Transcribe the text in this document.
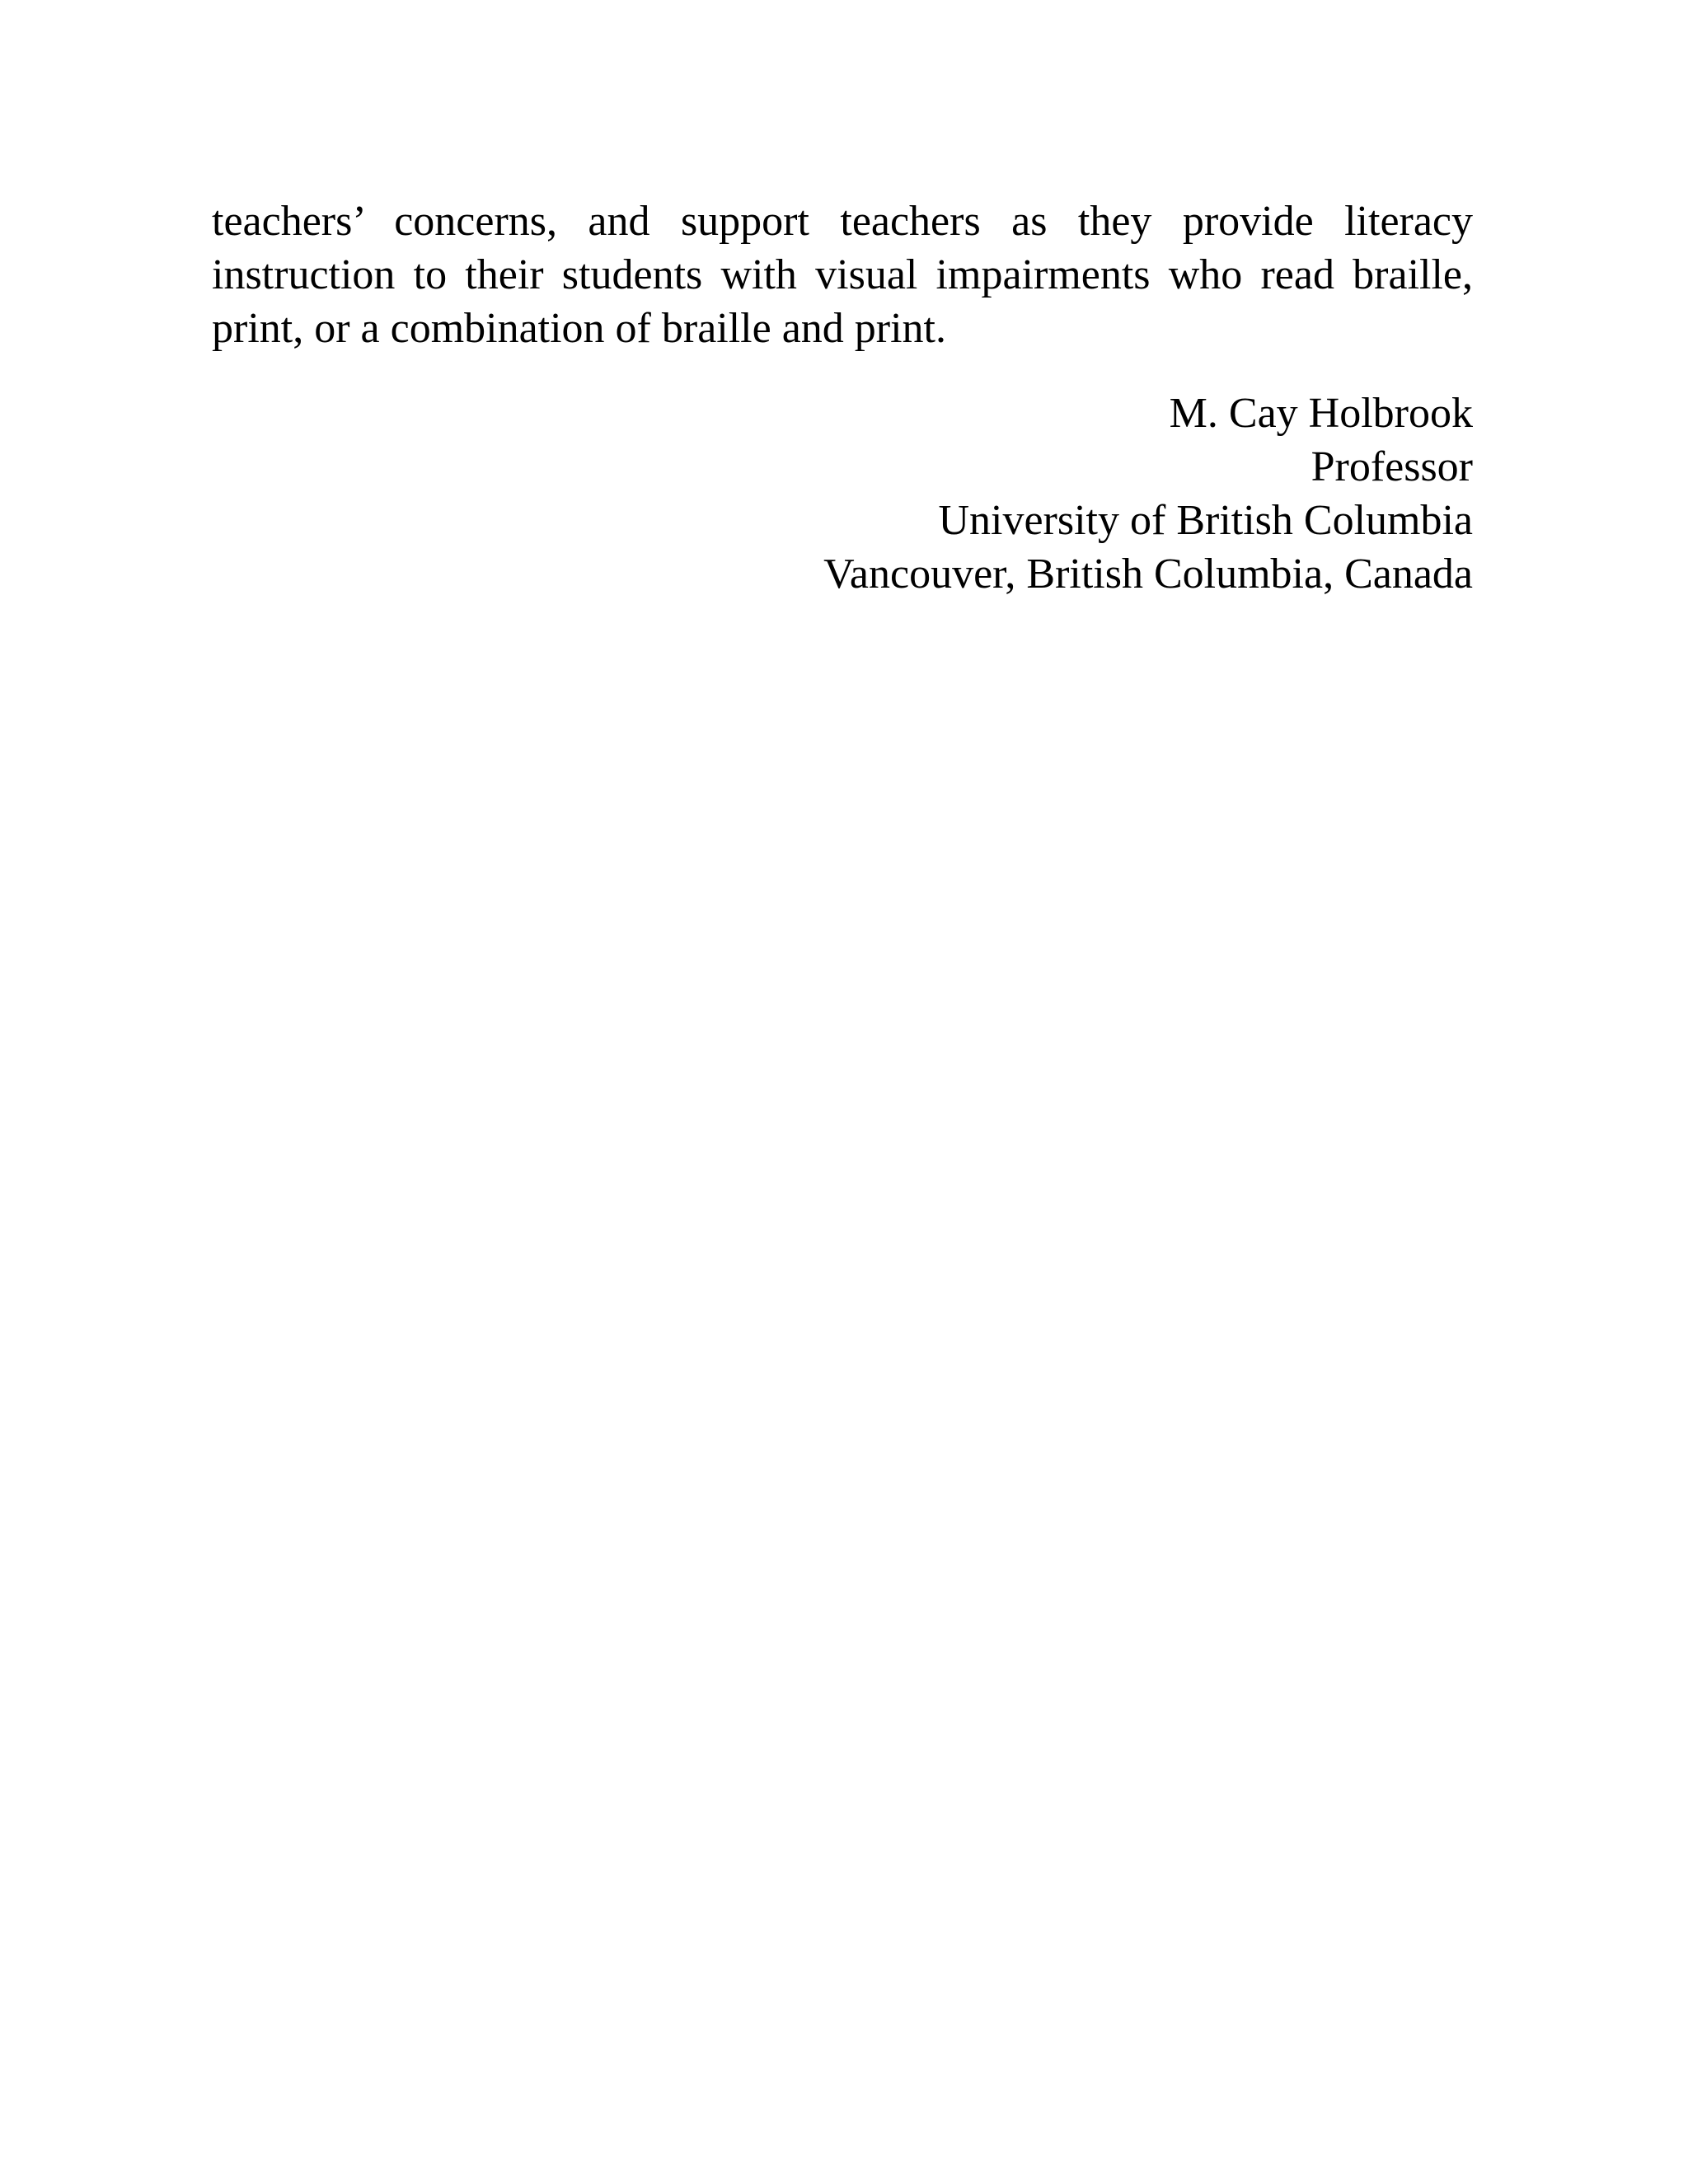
teachers’ concerns, and support teachers as they provide literacy instruction to their students with visual impairments who read braille, print, or a combination of braille and print.

M. Cay Holbrook
Professor
University of British Columbia
Vancouver, British Columbia, Canada
